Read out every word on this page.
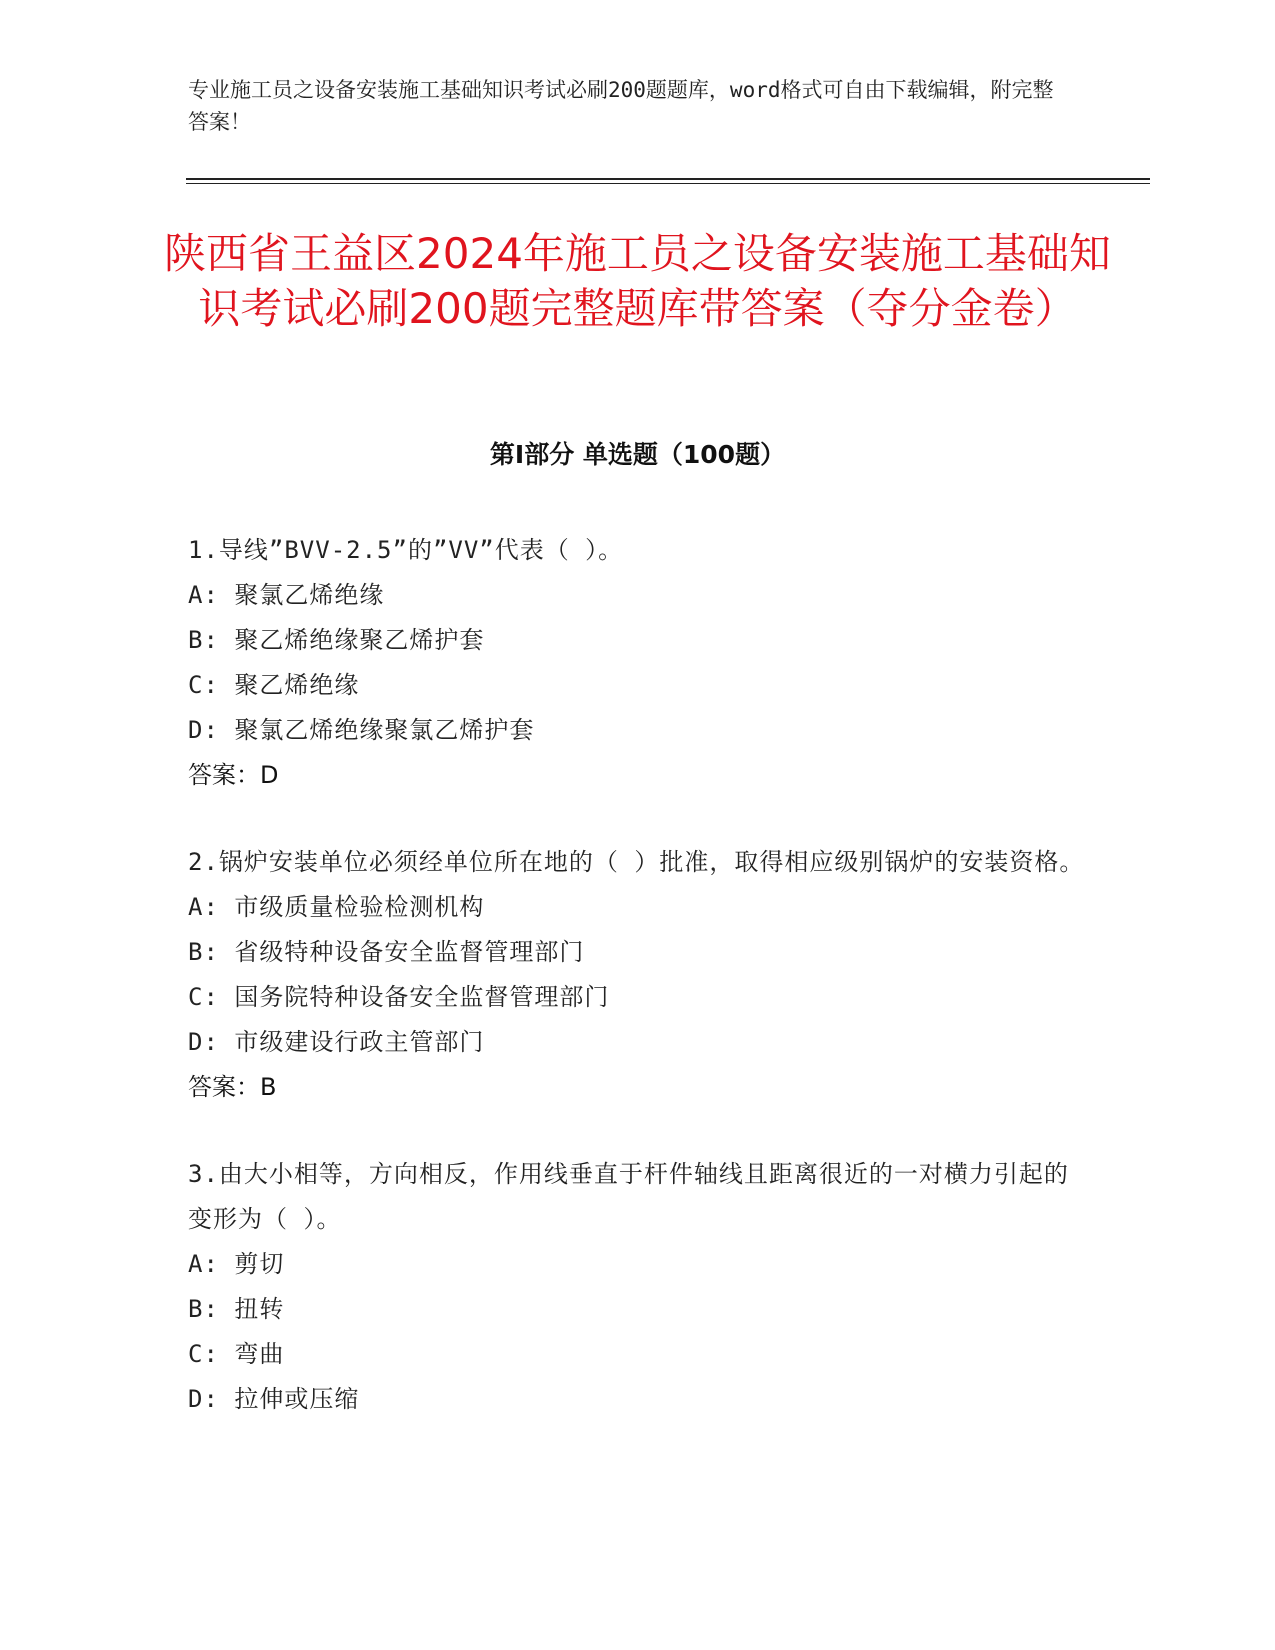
专业施工员之设备安装施工基础知识考试必刷200题题库，word格式可自由下载编辑，附完整答案！
陕西省王益区2024年施工员之设备安装施工基础知识考试必刷200题完整题库带答案（夺分金卷）
第I部分 单选题（100题）
1.导线”BVV-2.5”的”VV”代表（ ）。
A: 聚氯乙烯绝缘
B: 聚乙烯绝缘聚乙烯护套
C: 聚乙烯绝缘
D: 聚氯乙烯绝缘聚氯乙烯护套
答案：D
2.锅炉安装单位必须经单位所在地的（ ）批准，取得相应级别锅炉的安装资格。
A: 市级质量检验检测机构
B: 省级特种设备安全监督管理部门
C: 国务院特种设备安全监督管理部门
D: 市级建设行政主管部门
答案：B
3.由大小相等，方向相反，作用线垂直于杆件轴线且距离很近的一对横力引起的变形为（ ）。
A: 剪切
B: 扭转
C: 弯曲
D: 拉伸或压缩
